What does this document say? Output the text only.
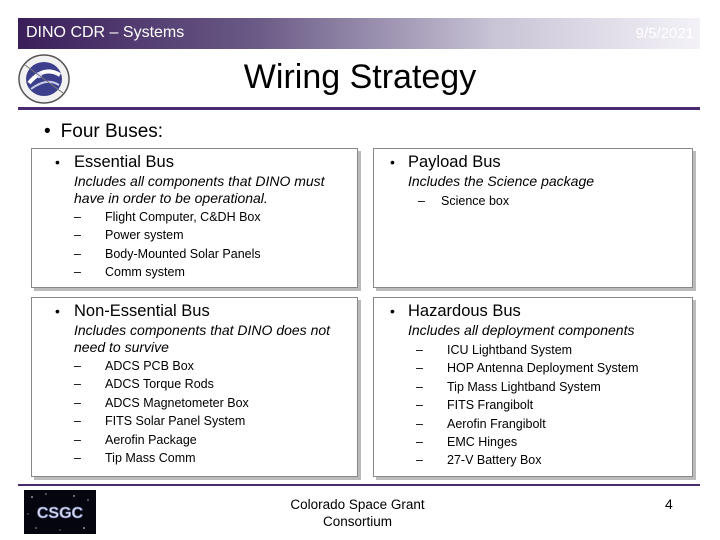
DINO CDR – Systems	9/5/2021
Wiring Strategy
• Four Buses:
• Essential Bus
Includes all components that DINO must have in order to be operational.
– Flight Computer, C&DH Box
– Power system
– Body-Mounted Solar Panels
– Comm system
• Payload Bus
Includes the Science package
– Science box
• Non-Essential Bus
Includes components that DINO does not need to survive
– ADCS PCB Box
– ADCS Torque Rods
– ADCS Magnetometer Box
– FITS Solar Panel System
– Aerofin Package
– Tip Mass Comm
• Hazardous Bus
Includes all deployment components
– ICU Lightband System
– HOP Antenna Deployment System
– Tip Mass Lightband System
– FITS Frangibolt
– Aerofin Frangibolt
– EMC Hinges
– 27-V Battery Box
CSGC
Colorado Space Grant
Consortium
4
